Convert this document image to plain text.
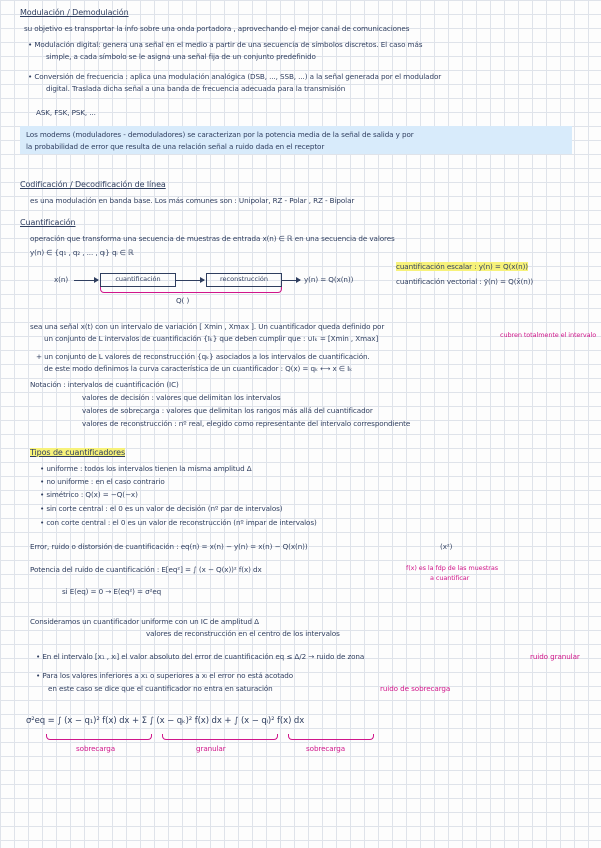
Modulación / Demodulación
su objetivo es transportar la info sobre una onda portadora , aprovechando el mejor canal de comunicaciones
• Modulación digital: genera una señal en el medio a partir de una secuencia de símbolos discretos. El caso más
simple, a cada símbolo se le asigna una señal fija de un conjunto predefinido
• Conversión de frecuencia : aplica una modulación analógica (DSB, ..., SSB, ...) a la señal generada por el modulador
digital. Traslada dicha señal a una banda de frecuencia adecuada para la transmisión
ASK, FSK, PSK, ...
Los modems (moduladores - demoduladores) se caracterizan por la potencia media de la señal de salida y por
la probabilidad de error que resulta de una relación señal a ruido dada en el receptor
Codificación / Decodificación de línea
es una modulación en banda base. Los más comunes son : Unipolar, RZ - Polar , RZ - Bipolar
Cuantificación
operación que transforma una secuencia de muestras de entrada x(n) ∈ ℝ en una secuencia de valores
y(n) ∈ {q₁ , q₂ , ... , qₗ} qᵢ ∈ ℝ
x(n)	cuantificación	reconstrucción	y(n) = Q(x(n))
Q( )
cuantificación escalar : y(n) = Q(x(n))
cuantificación vectorial : ȳ(n) = Q(x̄(n))
sea una señal x(t) con un intervalo de variación [ Xmin , Xmax ]. Un cuantificador queda definido por
un conjunto de L intervalos de cuantificación {Iₖ} que deben cumplir que : ∪Iₖ = [Xmin , Xmax]	cubren totalmente el intervalo
+ un conjunto de L valores de reconstrucción {qₖ} asociados a los intervalos de cuantificación.
de este modo definimos la curva característica de un cuantificador : Q(x) = qₖ ⟷ x ∈ Iₖ
Notación : intervalos de cuantificación (IC)
valores de decisión : valores que delimitan los intervalos
valores de sobrecarga : valores que delimitan los rangos más allá del cuantificador
valores de reconstrucción : nº real, elegido como representante del intervalo correspondiente
Tipos de cuantificadores
• uniforme : todos los intervalos tienen la misma amplitud Δ
• no uniforme : en el caso contrario
• simétrico : Q(x) = −Q(−x)
• sin corte central : el 0 es un valor de decisión (nº par de intervalos)
• con corte central : el 0 es un valor de reconstrucción (nº impar de intervalos)
Error, ruido o distorsión de cuantificación : eq(n) = x(n) − y(n) = x(n) − Q(x(n))	(x²)
Potencia del ruido de cuantificación : E[eq²] = ∫ (x − Q(x))² f(x) dx	f(x) es la fdp de las muestras
a cuantificar
si E(eq) = 0 → E(eq²) = σ²eq
Consideramos un cuantificador uniforme con un IC de amplitud Δ
valores de reconstrucción en el centro de los intervalos
• En el intervalo [x₁ , xₗ] el valor absoluto del error de cuantificación eq ≤ Δ/2 → ruido de zona	ruido granular
• Para los valores inferiores a x₁ o superiores a xₗ el error no está acotado
en este caso se dice que el cuantificador no entra en saturación	ruido de sobrecarga
σ²eq = ∫ (x − q₁)² f(x) dx + Σ ∫ (x − qₖ)² f(x) dx + ∫ (x − qₗ)² f(x) dx
sobrecarga	granular	sobrecarga
